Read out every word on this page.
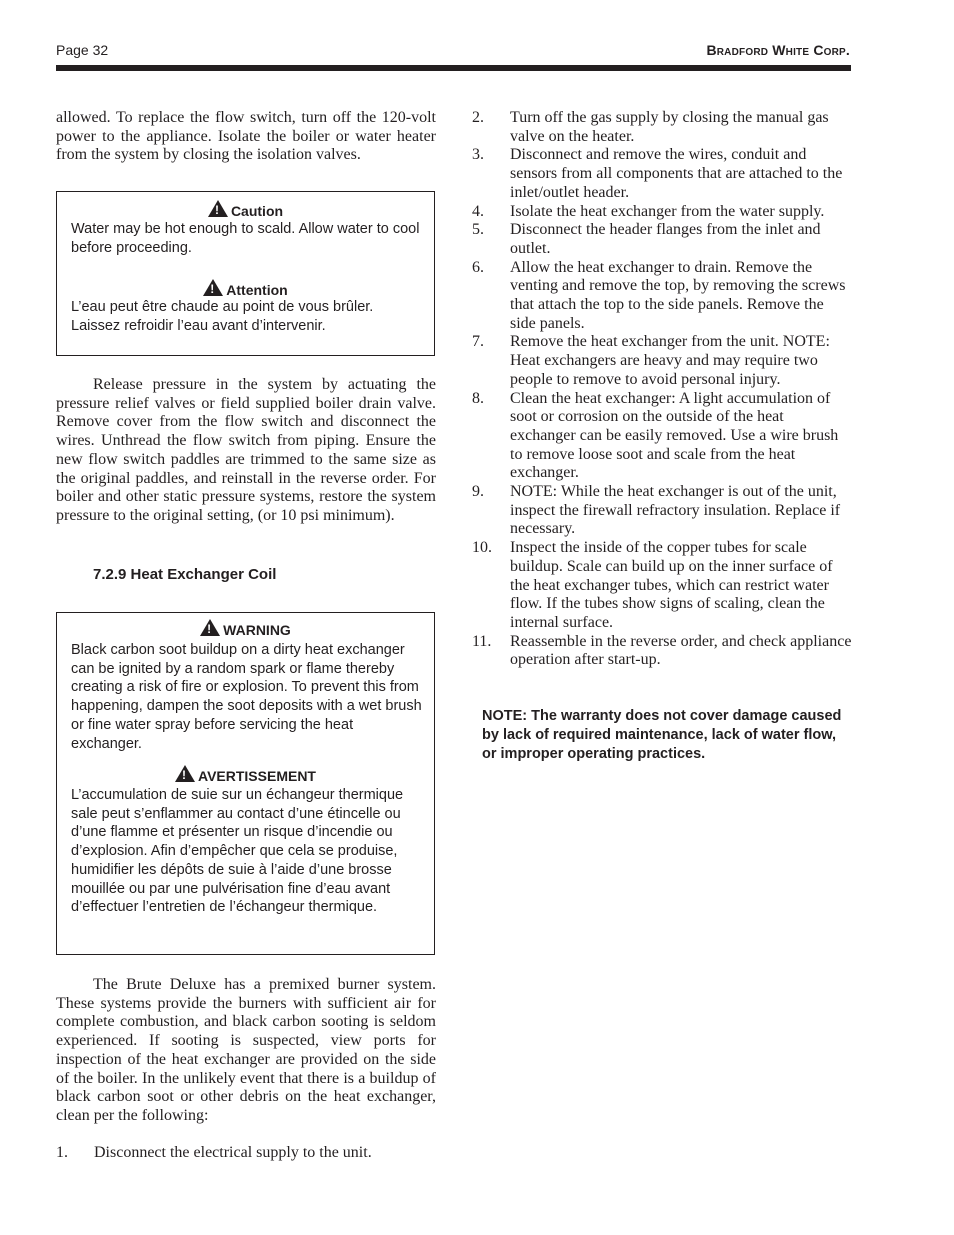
Page 32	Bradford White Corp.
allowed. To replace the flow switch, turn off the 120-volt power to the appliance. Isolate the boiler or water heater from the system by closing the isolation valves.
!Caution
Water may be hot enough to scald. Allow water to cool before proceeding.
!Attention
L’eau peut être chaude au point de vous brûler. Laissez refroidir l’eau avant d’intervenir.
Release pressure in the system by actuating the pressure relief valves or field supplied boiler drain valve. Remove cover from the flow switch and disconnect the wires. Unthread the flow switch from piping. Ensure the new flow switch paddles are trimmed to the same size as the original paddles, and reinstall in the reverse order. For boiler and other static pressure systems, restore the system pressure to the original setting, (or 10 psi minimum).
7.2.9 Heat Exchanger Coil
!WARNING
Black carbon soot buildup on a dirty heat exchanger can be ignited by a random spark or flame thereby creating a risk of fire or explosion. To prevent this from happening, dampen the soot deposits with a wet brush or fine water spray before servicing the heat exchanger.
!AVERTISSEMENT
L’accumulation de suie sur un échangeur thermique sale peut s’enflammer au contact d’une étincelle ou d’une flamme et présenter un risque d’incendie ou d’explosion. Afin d’empêcher que cela se produise, humidifier les dépôts de suie à l’aide d’une brosse mouillée ou par une pulvérisation fine d’eau avant d’effectuer l’entretien de l’échangeur thermique.
The Brute Deluxe has a premixed burner system. These systems provide the burners with sufficient air for complete combustion, and black carbon sooting is seldom experienced. If sooting is suspected, view ports for inspection of the heat exchanger are provided on the side of the boiler. In the unlikely event that there is a buildup of black carbon soot or other debris on the heat exchanger, clean per the following:
1.	Disconnect the electrical supply to the unit.
2. Turn off the gas supply by closing the manual gas valve on the heater.
3. Disconnect and remove the wires, conduit and sensors from all components that are attached to the inlet/outlet header.
4. Isolate the heat exchanger from the water supply.
5. Disconnect the header flanges from the inlet and outlet.
6. Allow the heat exchanger to drain. Remove the venting and remove the top, by removing the screws that attach the top to the side panels. Remove the side panels.
7. Remove the heat exchanger from the unit. NOTE: Heat exchangers are heavy and may require two people to remove to avoid personal injury.
8. Clean the heat exchanger: A light accumulation of soot or corrosion on the outside of the heat exchanger can be easily removed. Use a wire brush to remove loose soot and scale from the heat exchanger.
9. NOTE: While the heat exchanger is out of the unit, inspect the firewall refractory insulation. Replace if necessary.
10. Inspect the inside of the copper tubes for scale buildup. Scale can build up on the inner surface of the heat exchanger tubes, which can restrict water flow. If the tubes show signs of scaling, clean the internal surface.
11. Reassemble in the reverse order, and check appliance operation after start-up.
NOTE: The warranty does not cover damage caused by lack of required maintenance, lack of water flow, or improper operating practices.
